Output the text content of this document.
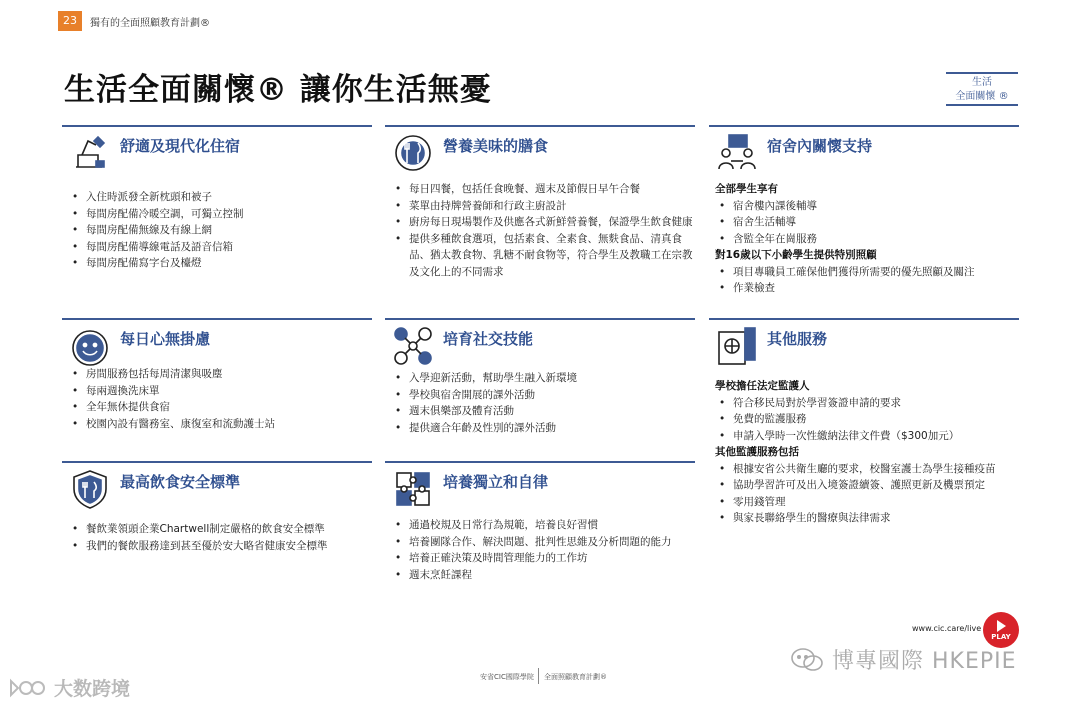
23	獨有的全面照顧教育計劃®
生活全面關懷® 讓你生活無憂	生活
全面關懷 ®
舒適及現代化住宿
• 入住時派發全新枕頭和被子
• 每間房配備冷暖空調，可獨立控制
• 每間房配備無線及有線上網
• 每間房配備導線電話及語音信箱
• 每間房配備寫字台及檯燈
營養美味的膳食
• 每日四餐，包括任食晚餐、週末及節假日早午合餐
• 菜單由持牌營養師和行政主廚設計
• 廚房每日現場製作及供應各式新鮮營養餐，保證學生飲食健康
• 提供多種飲食選項，包括素食、全素食、無麩食品、清真食品、猶太教食物、乳糖不耐食物等，符合學生及教職工在宗教及文化上的不同需求
宿舍內關懷支持
全部學生享有
• 宿舍樓內課後輔導
• 宿舍生活輔導
• 含監全年在崗服務
對16歲以下小齡學生提供特別照顧
• 項目專職員工確保他們獲得所需要的優先照顧及關注
• 作業檢查
每日心無掛慮
• 房間服務包括每周清潔與吸塵
• 每兩週換洗床單
• 全年無休提供食宿
• 校園內設有醫務室、康復室和流動護士站
培育社交技能
• 入學迎新活動，幫助學生融入新環境
• 學校與宿舍開展的課外活動
• 週末俱樂部及體育活動
• 提供適合年齡及性別的課外活動
其他服務
學校擔任法定監護人
• 符合移民局對於學習簽證申請的要求
• 免費的監護服務
• 申請入學時一次性繳納法律文件費（$300加元）
其他監護服務包括
• 根據安省公共衛生廳的要求，校醫室護士為學生接種疫苗
• 協助學習許可及出入境簽證續簽、護照更新及機票預定
• 零用錢管理
• 與家長聯絡學生的醫療與法律需求
最高飲食安全標準
• 餐飲業領頭企業Chartwell制定嚴格的飲食安全標準
• 我們的餐飲服務達到甚至優於安大略省健康安全標準
培養獨立和自律
• 通過校規及日常行為規範，培養良好習慣
• 培養團隊合作、解決問題、批判性思維及分析問題的能力
• 培養正確決策及時間管理能力的工作坊
• 週末烹飪課程
www.cic.care/live
PLAY
安省CIC國際學院 全面照顧教育計劃®
博專國際 HKEPIE
大数跨境
